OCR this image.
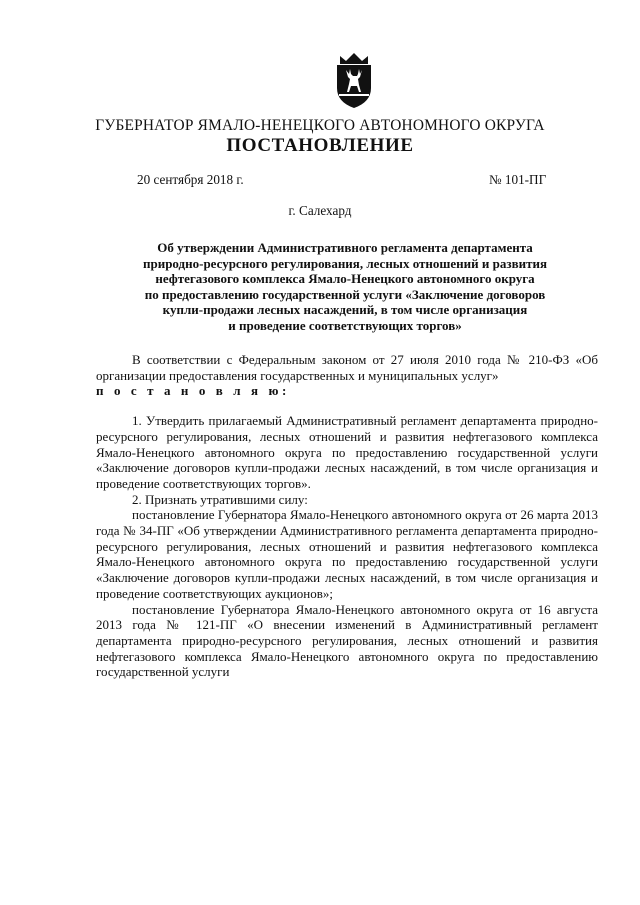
ГУБЕРНАТОР ЯМАЛО-НЕНЕЦКОГО АВТОНОМНОГО ОКРУГА
ПОСТАНОВЛЕНИЕ
20 сентября 2018 г.	№ 101-ПГ
г. Салехард
Об утверждении Административного регламента департамента
природно-ресурсного регулирования, лесных отношений и развития
нефтегазового комплекса Ямало-Ненецкого автономного округа
по предоставлению государственной услуги «Заключение договоров
купли-продажи лесных насаждений, в том числе организация
и проведение соответствующих торгов»

В соответствии с Федеральным законом от 27 июля 2010 года № 210-ФЗ «Об организации предоставления государственных и муниципальных услуг»

п о с т а н о в л я ю:

1. Утвердить прилагаемый Административный регламент департамента природно-ресурсного регулирования, лесных отношений и развития нефтегазового комплекса Ямало-Ненецкого автономного округа по предоставлению государственной услуги «Заключение договоров купли-продажи лесных насаждений, в том числе организация и проведение соответствующих торгов».

2. Признать утратившими силу:

постановление Губернатора Ямало-Ненецкого автономного округа от 26 марта 2013 года № 34-ПГ «Об утверждении Административного регламента департамента природно-ресурсного регулирования, лесных отношений и развития нефтегазового комплекса Ямало-Ненецкого автономного округа по предоставлению государственной услуги «Заключение договоров купли-продажи лесных насаждений, в том числе организация и проведение соответствующих аукционов»;

постановление Губернатора Ямало-Ненецкого автономного округа от 16 августа 2013 года № 121-ПГ «О внесении изменений в Административный регламент департамента природно-ресурсного регулирования, лесных отношений и развития нефтегазового комплекса Ямало-Ненецкого автономного округа по предоставлению государственной услуги
